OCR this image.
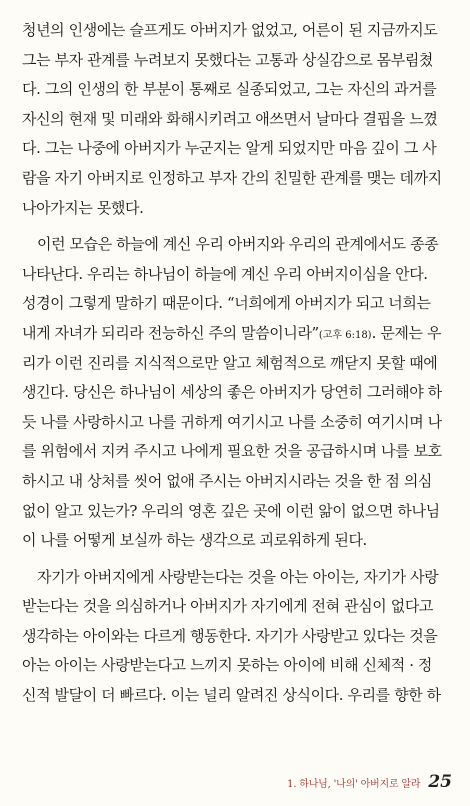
청년의 인생에는 슬프게도 아버지가 없었고, 어른이 된 지금까지도
그는 부자 관계를 누려보지 못했다는 고통과 상실감으로 몸부림쳤
다. 그의 인생의 한 부분이 통째로 실종되었고, 그는 자신의 과거를
자신의 현재 및 미래와 화해시키려고 애쓰면서 날마다 결핍을 느꼈
다. 그는 나중에 아버지가 누군지는 알게 되었지만 마음 깊이 그 사
람을 자기 아버지로 인정하고 부자 간의 친밀한 관계를 맺는 데까지
나아가지는 못했다.
이런 모습은 하늘에 계신 우리 아버지와 우리의 관계에서도 종종
나타난다. 우리는 하나님이 하늘에 계신 우리 아버지이심을 안다.
성경이 그렇게 말하기 때문이다. “너희에게 아버지가 되고 너희는
내게 자녀가 되리라 전능하신 주의 말씀이니라”(고후 6:18). 문제는 우
리가 이런 진리를 지식적으로만 알고 체험적으로 깨닫지 못할 때에
생긴다. 당신은 하나님이 세상의 좋은 아버지가 당연히 그러해야 하
듯 나를 사랑하시고 나를 귀하게 여기시고 나를 소중히 여기시며 나
를 위험에서 지켜 주시고 나에게 필요한 것을 공급하시며 나를 보호
하시고 내 상처를 씻어 없애 주시는 아버지시라는 것을 한 점 의심
없이 알고 있는가? 우리의 영혼 깊은 곳에 이런 앎이 없으면 하나님
이 나를 어떻게 보실까 하는 생각으로 괴로워하게 된다.
자기가 아버지에게 사랑받는다는 것을 아는 아이는, 자기가 사랑
받는다는 것을 의심하거나 아버지가 자기에게 전혀 관심이 없다고
생각하는 아이와는 다르게 행동한다. 자기가 사랑받고 있다는 것을
아는 아이는 사랑받는다고 느끼지 못하는 아이에 비해 신체적 · 정
신적 발달이 더 빠르다. 이는 널리 알려진 상식이다. 우리를 향한 하
1. 하나님, '나의' 아버지로 알라 25
